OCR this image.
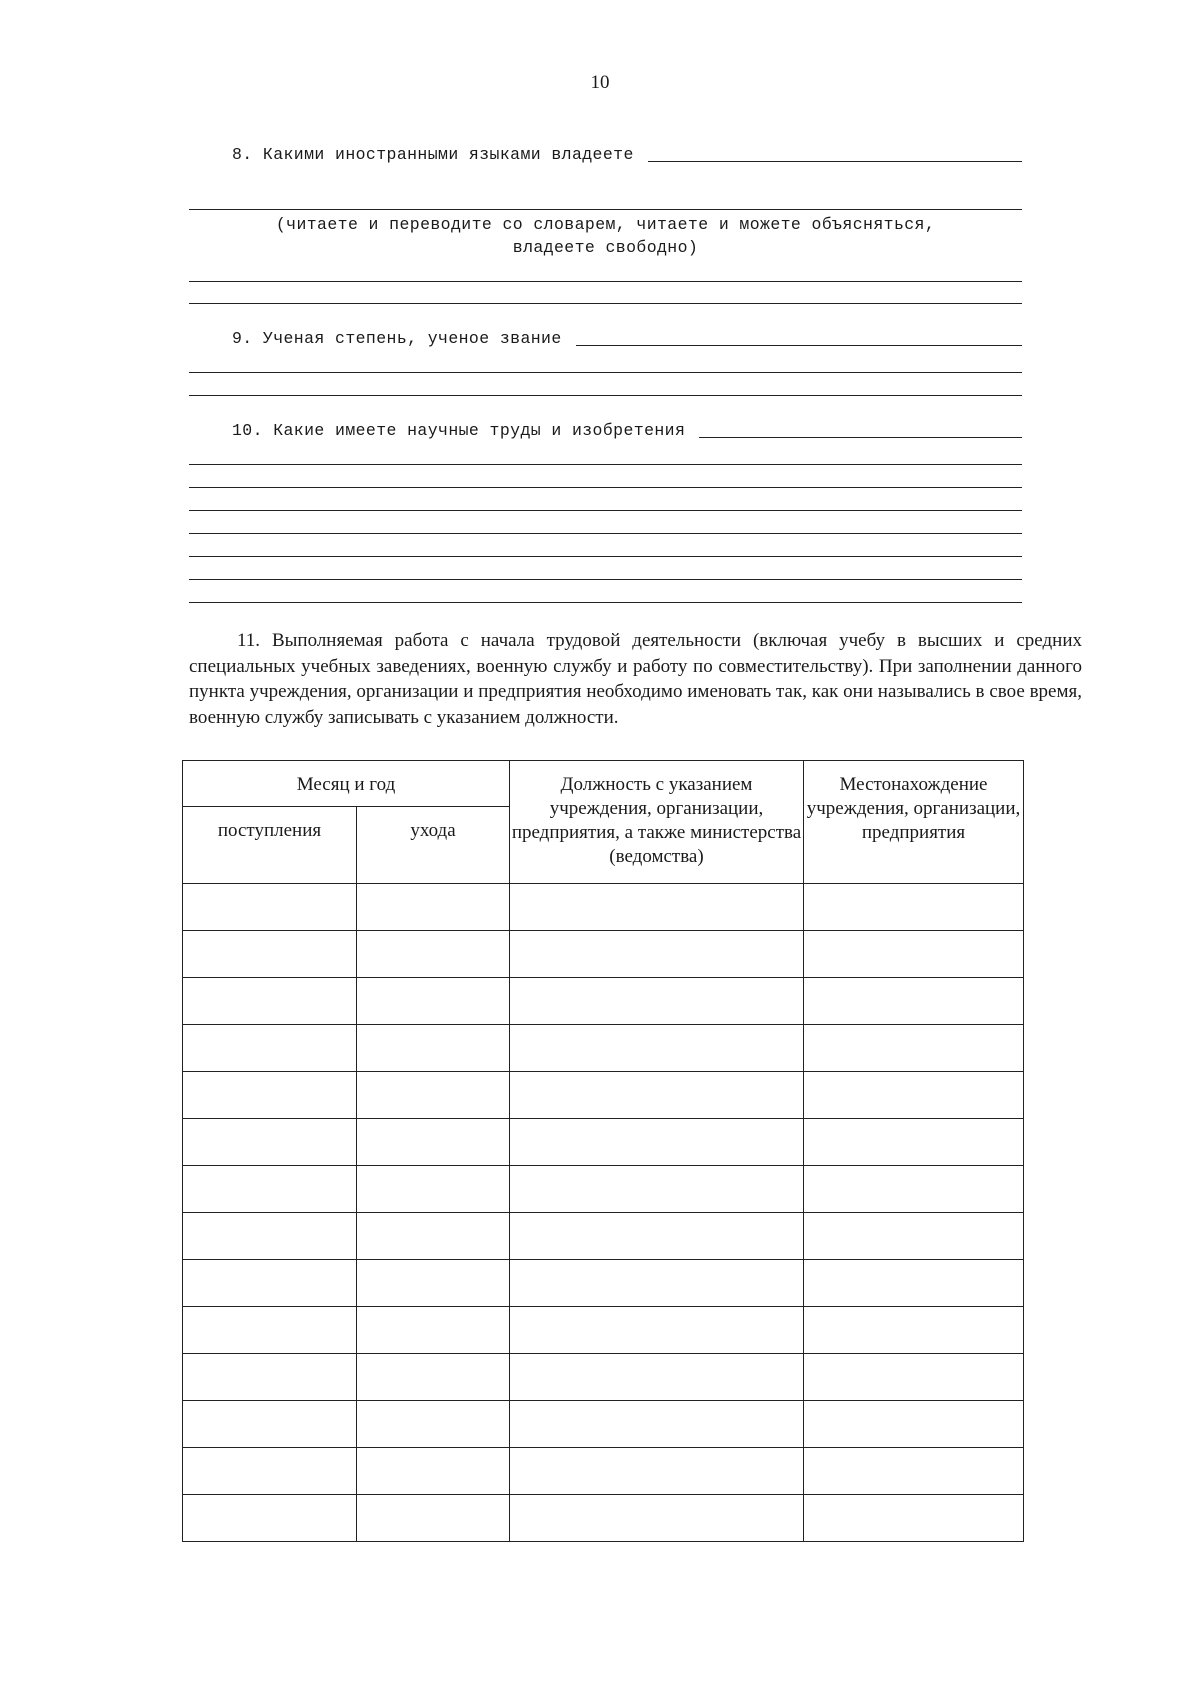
10
8. Какими иностранными языками владеете
(читаете и переводите со словарем, читаете и можете объясняться,
владеете свободно)
9. Ученая степень, ученое звание
10. Какие имеете научные труды и изобретения
11. Выполняемая работа с начала трудовой деятельности (включая учебу в высших и средних специальных учебных заведениях, военную службу и работу по совместительству). При заполнении данного пункта учреждения, организации и предприятия необходимо именовать так, как они назывались в свое время, военную службу записывать с указанием должности.
Месяц и год		Должность с указанием учреждения, организации, предприятия, а также министерства (ведомства)	Местонахождение учреждения, организации, предприятия

поступления	ухода		
